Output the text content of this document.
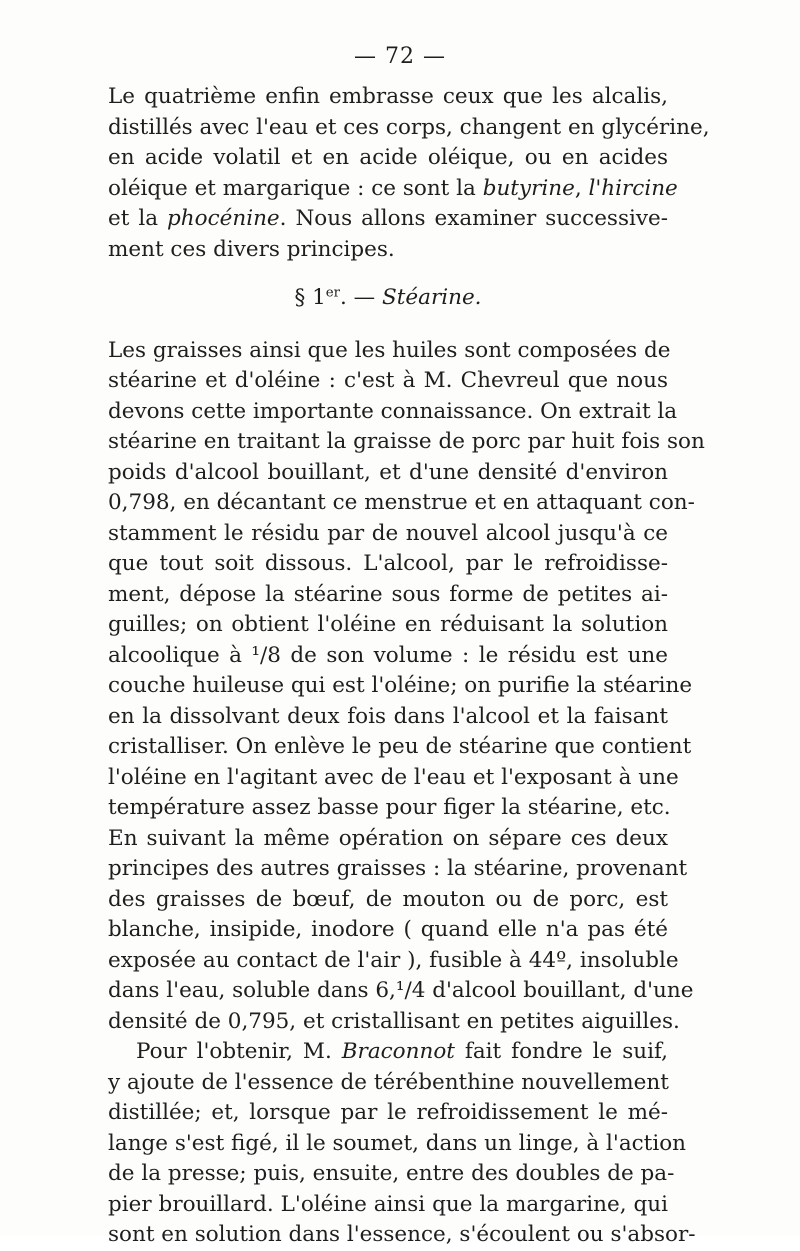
— 72 —
Le quatrième enfin embrasse ceux que les alcalis,
distillés avec l'eau et ces corps, changent en glycérine,
en acide volatil et en acide oléique, ou en acides
oléique et margarique : ce sont la butyrine, l'hircine
et la phocénine. Nous allons examiner successive-
ment ces divers principes.
§ 1er. — Stéarine.
Les graisses ainsi que les huiles sont composées de
stéarine et d'oléine : c'est à M. Chevreul que nous
devons cette importante connaissance. On extrait la
stéarine en traitant la graisse de porc par huit fois son
poids d'alcool bouillant, et d'une densité d'environ
0,798, en décantant ce menstrue et en attaquant con-
stamment le résidu par de nouvel alcool jusqu'à ce
que tout soit dissous. L'alcool, par le refroidisse-
ment, dépose la stéarine sous forme de petites ai-
guilles; on obtient l'oléine en réduisant la solution
alcoolique à ¹/8 de son volume : le résidu est une
couche huileuse qui est l'oléine; on purifie la stéarine
en la dissolvant deux fois dans l'alcool et la faisant
cristalliser. On enlève le peu de stéarine que contient
l'oléine en l'agitant avec de l'eau et l'exposant à une
température assez basse pour figer la stéarine, etc.
En suivant la même opération on sépare ces deux
principes des autres graisses : la stéarine, provenant
des graisses de bœuf, de mouton ou de porc, est
blanche, insipide, inodore ( quand elle n'a pas été
exposée au contact de l'air ), fusible à 44º, insoluble
dans l'eau, soluble dans 6,¹/4 d'alcool bouillant, d'une
densité de 0,795, et cristallisant en petites aiguilles.
Pour l'obtenir, M. Braconnot fait fondre le suif,
y ajoute de l'essence de térébenthine nouvellement
distillée; et, lorsque par le refroidissement le mé-
lange s'est figé, il le soumet, dans un linge, à l'action
de la presse; puis, ensuite, entre des doubles de pa-
pier brouillard. L'oléine ainsi que la margarine, qui
sont en solution dans l'essence, s'écoulent ou s'absor-
